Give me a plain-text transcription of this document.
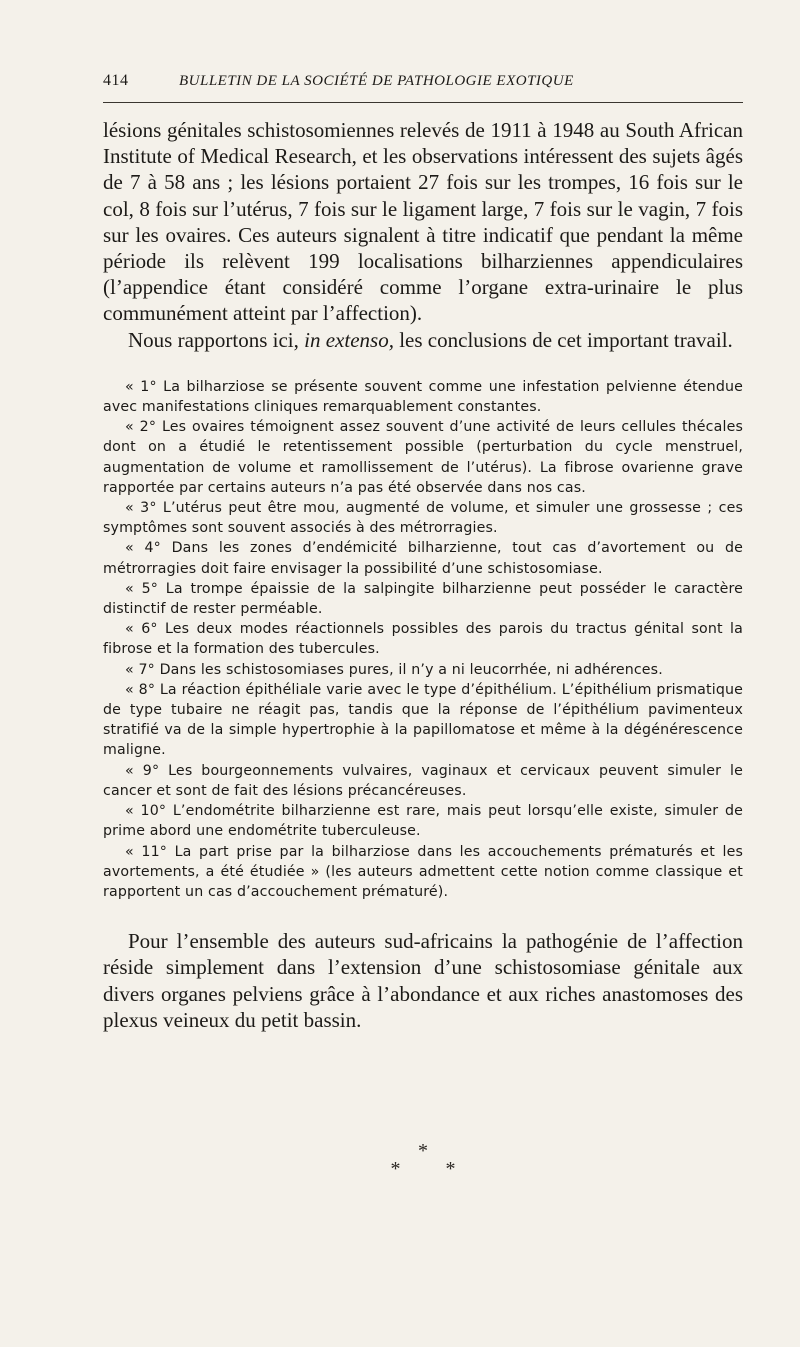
414	BULLETIN DE LA SOCIÉTÉ DE PATHOLOGIE EXOTIQUE

lésions génitales schistosomiennes relevés de 1911 à 1948 au South African Institute of Medical Research, et les observations intéressent des sujets âgés de 7 à 58 ans ; les lésions portaient 27 fois sur les trompes, 16 fois sur le col, 8 fois sur l’utérus, 7 fois sur le ligament large, 7 fois sur le vagin, 7 fois sur les ovaires. Ces auteurs signalent à titre indicatif que pendant la même période ils relèvent 199 localisations bilharziennes appendiculaires (l’appendice étant considéré comme l’organe extra-urinaire le plus communément atteint par l’affection).

Nous rapportons ici, in extenso, les conclusions de cet important travail.

« 1° La bilharziose se présente souvent comme une infestation pelvienne étendue avec manifestations cliniques remarquablement constantes.

« 2° Les ovaires témoignent assez souvent d’une activité de leurs cellules thécales dont on a étudié le retentissement possible (perturbation du cycle menstruel, augmentation de volume et ramollissement de l’utérus). La fibrose ovarienne grave rapportée par certains auteurs n’a pas été observée dans nos cas.

« 3° L’utérus peut être mou, augmenté de volume, et simuler une grossesse ; ces symptômes sont souvent associés à des métrorragies.

« 4° Dans les zones d’endémicité bilharzienne, tout cas d’avortement ou de métrorragies doit faire envisager la possibilité d’une schistosomiase.

« 5° La trompe épaissie de la salpingite bilharzienne peut posséder le caractère distinctif de rester perméable.

« 6° Les deux modes réactionnels possibles des parois du tractus génital sont la fibrose et la formation des tubercules.

« 7° Dans les schistosomiases pures, il n’y a ni leucorrhée, ni adhérences.

« 8° La réaction épithéliale varie avec le type d’épithélium. L’épithélium prismatique de type tubaire ne réagit pas, tandis que la réponse de l’épithélium pavimenteux stratifié va de la simple hypertrophie à la papillomatose et même à la dégénérescence maligne.

« 9° Les bourgeonnements vulvaires, vaginaux et cervicaux peuvent simuler le cancer et sont de fait des lésions précancéreuses.

« 10° L’endométrite bilharzienne est rare, mais peut lorsqu’elle existe, simuler de prime abord une endométrite tuberculeuse.

« 11° La part prise par la bilharziose dans les accouchements prématurés et les avortements, a été étudiée » (les auteurs admettent cette notion comme classique et rapportent un cas d’accouchement prématuré).

Pour l’ensemble des auteurs sud-africains la pathogénie de l’affection réside simplement dans l’extension d’une schistosomiase génitale aux divers organes pelviens grâce à l’abondance et aux riches anastomoses des plexus veineux du petit bassin.

*
* *
